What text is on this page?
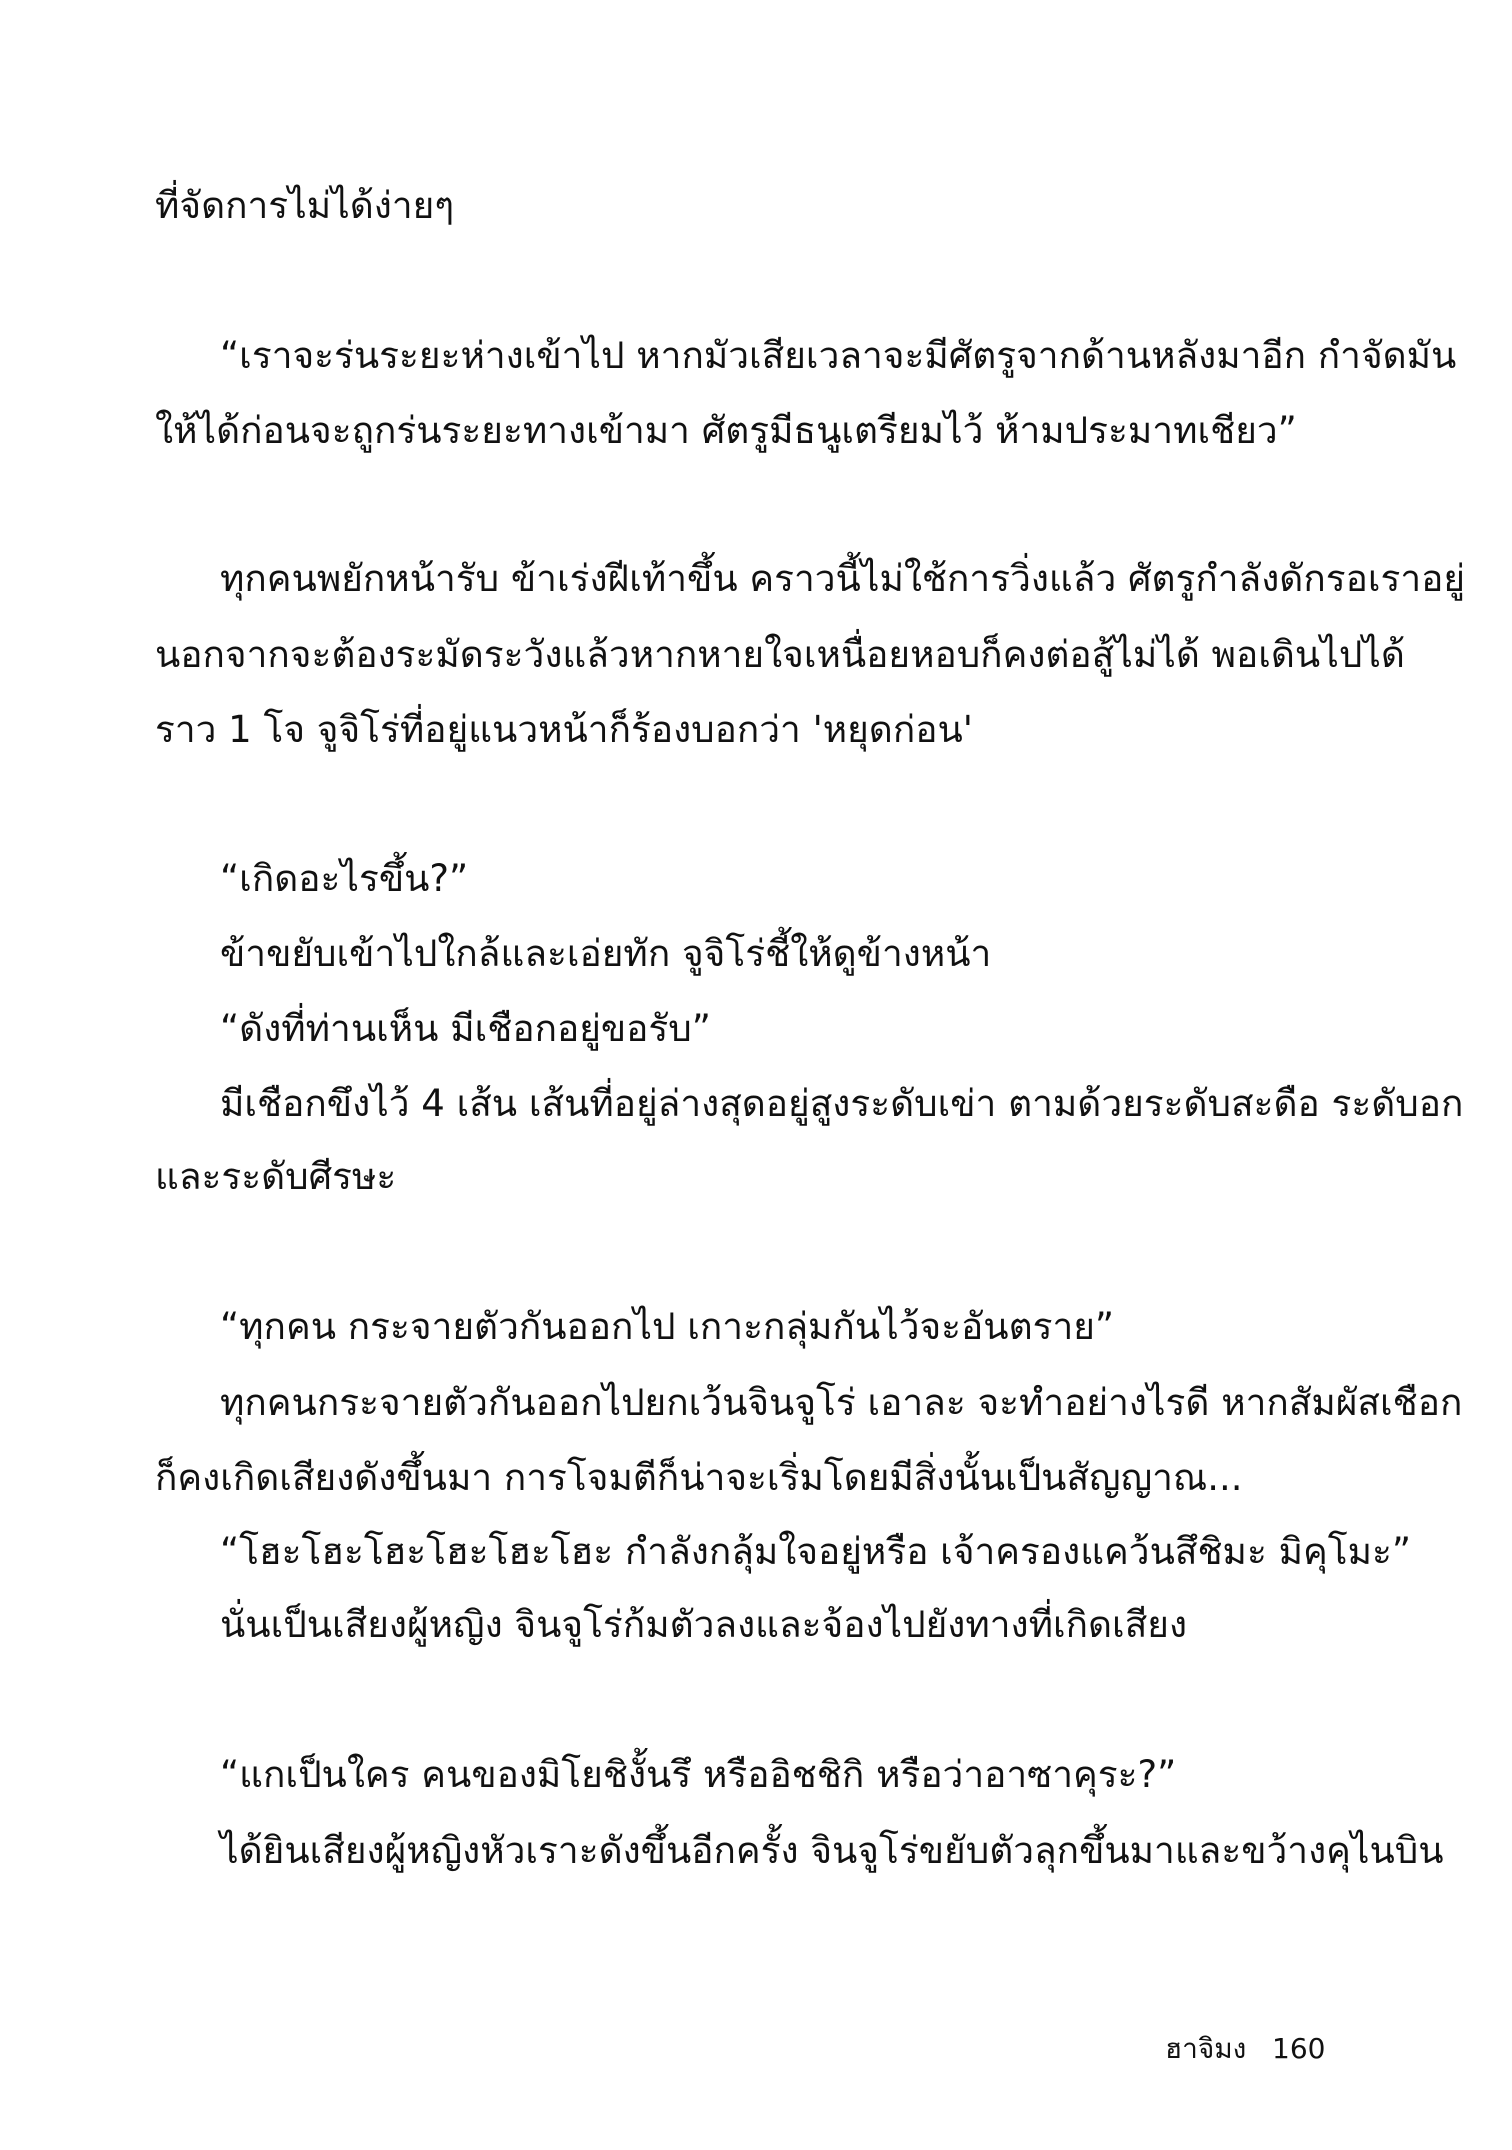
ที่จัดการไม่ได้ง่ายๆ
“เราจะร่นระยะห่างเข้าไป หากมัวเสียเวลาจะมีศัตรูจากด้านหลังมาอีก กำจัดมัน
ให้ได้ก่อนจะถูกร่นระยะทางเข้ามา ศัตรูมีธนูเตรียมไว้ ห้ามประมาทเชียว”
ทุกคนพยักหน้ารับ ข้าเร่งฝีเท้าขึ้น คราวนี้ไม่ใช้การวิ่งแล้ว ศัตรูกำลังดักรอเราอยู่
นอกจากจะต้องระมัดระวังแล้วหากหายใจเหนื่อยหอบก็คงต่อสู้ไม่ได้ พอเดินไปได้
ราว 1 โจ จูจิโร่ที่อยู่แนวหน้าก็ร้องบอกว่า 'หยุดก่อน'
“เกิดอะไรขึ้น?”
ข้าขยับเข้าไปใกล้และเอ่ยทัก จูจิโร่ชี้ให้ดูข้างหน้า
“ดังที่ท่านเห็น มีเชือกอยู่ขอรับ”
มีเชือกขึงไว้ 4 เส้น เส้นที่อยู่ล่างสุดอยู่สูงระดับเข่า ตามด้วยระดับสะดือ ระดับอก
และระดับศีรษะ
“ทุกคน กระจายตัวกันออกไป เกาะกลุ่มกันไว้จะอันตราย”
ทุกคนกระจายตัวกันออกไปยกเว้นจินจูโร่ เอาละ จะทำอย่างไรดี หากสัมผัสเชือก
ก็คงเกิดเสียงดังขึ้นมา การโจมตีก็น่าจะเริ่มโดยมีสิ่งนั้นเป็นสัญญาณ...
“โฮะโฮะโฮะโฮะโฮะโฮะ กำลังกลุ้มใจอยู่หรือ เจ้าครองแคว้นสึชิมะ มิคุโมะ”
นั่นเป็นเสียงผู้หญิง จินจูโร่ก้มตัวลงและจ้องไปยังทางที่เกิดเสียง
“แกเป็นใคร คนของมิโยชิงั้นรึ หรืออิชชิกิ หรือว่าอาซาคุระ?”
ได้ยินเสียงผู้หญิงหัวเราะดังขึ้นอีกครั้ง จินจูโร่ขยับตัวลุกขึ้นมาและขว้างคุไนบิน
ฮาจิมง 160
